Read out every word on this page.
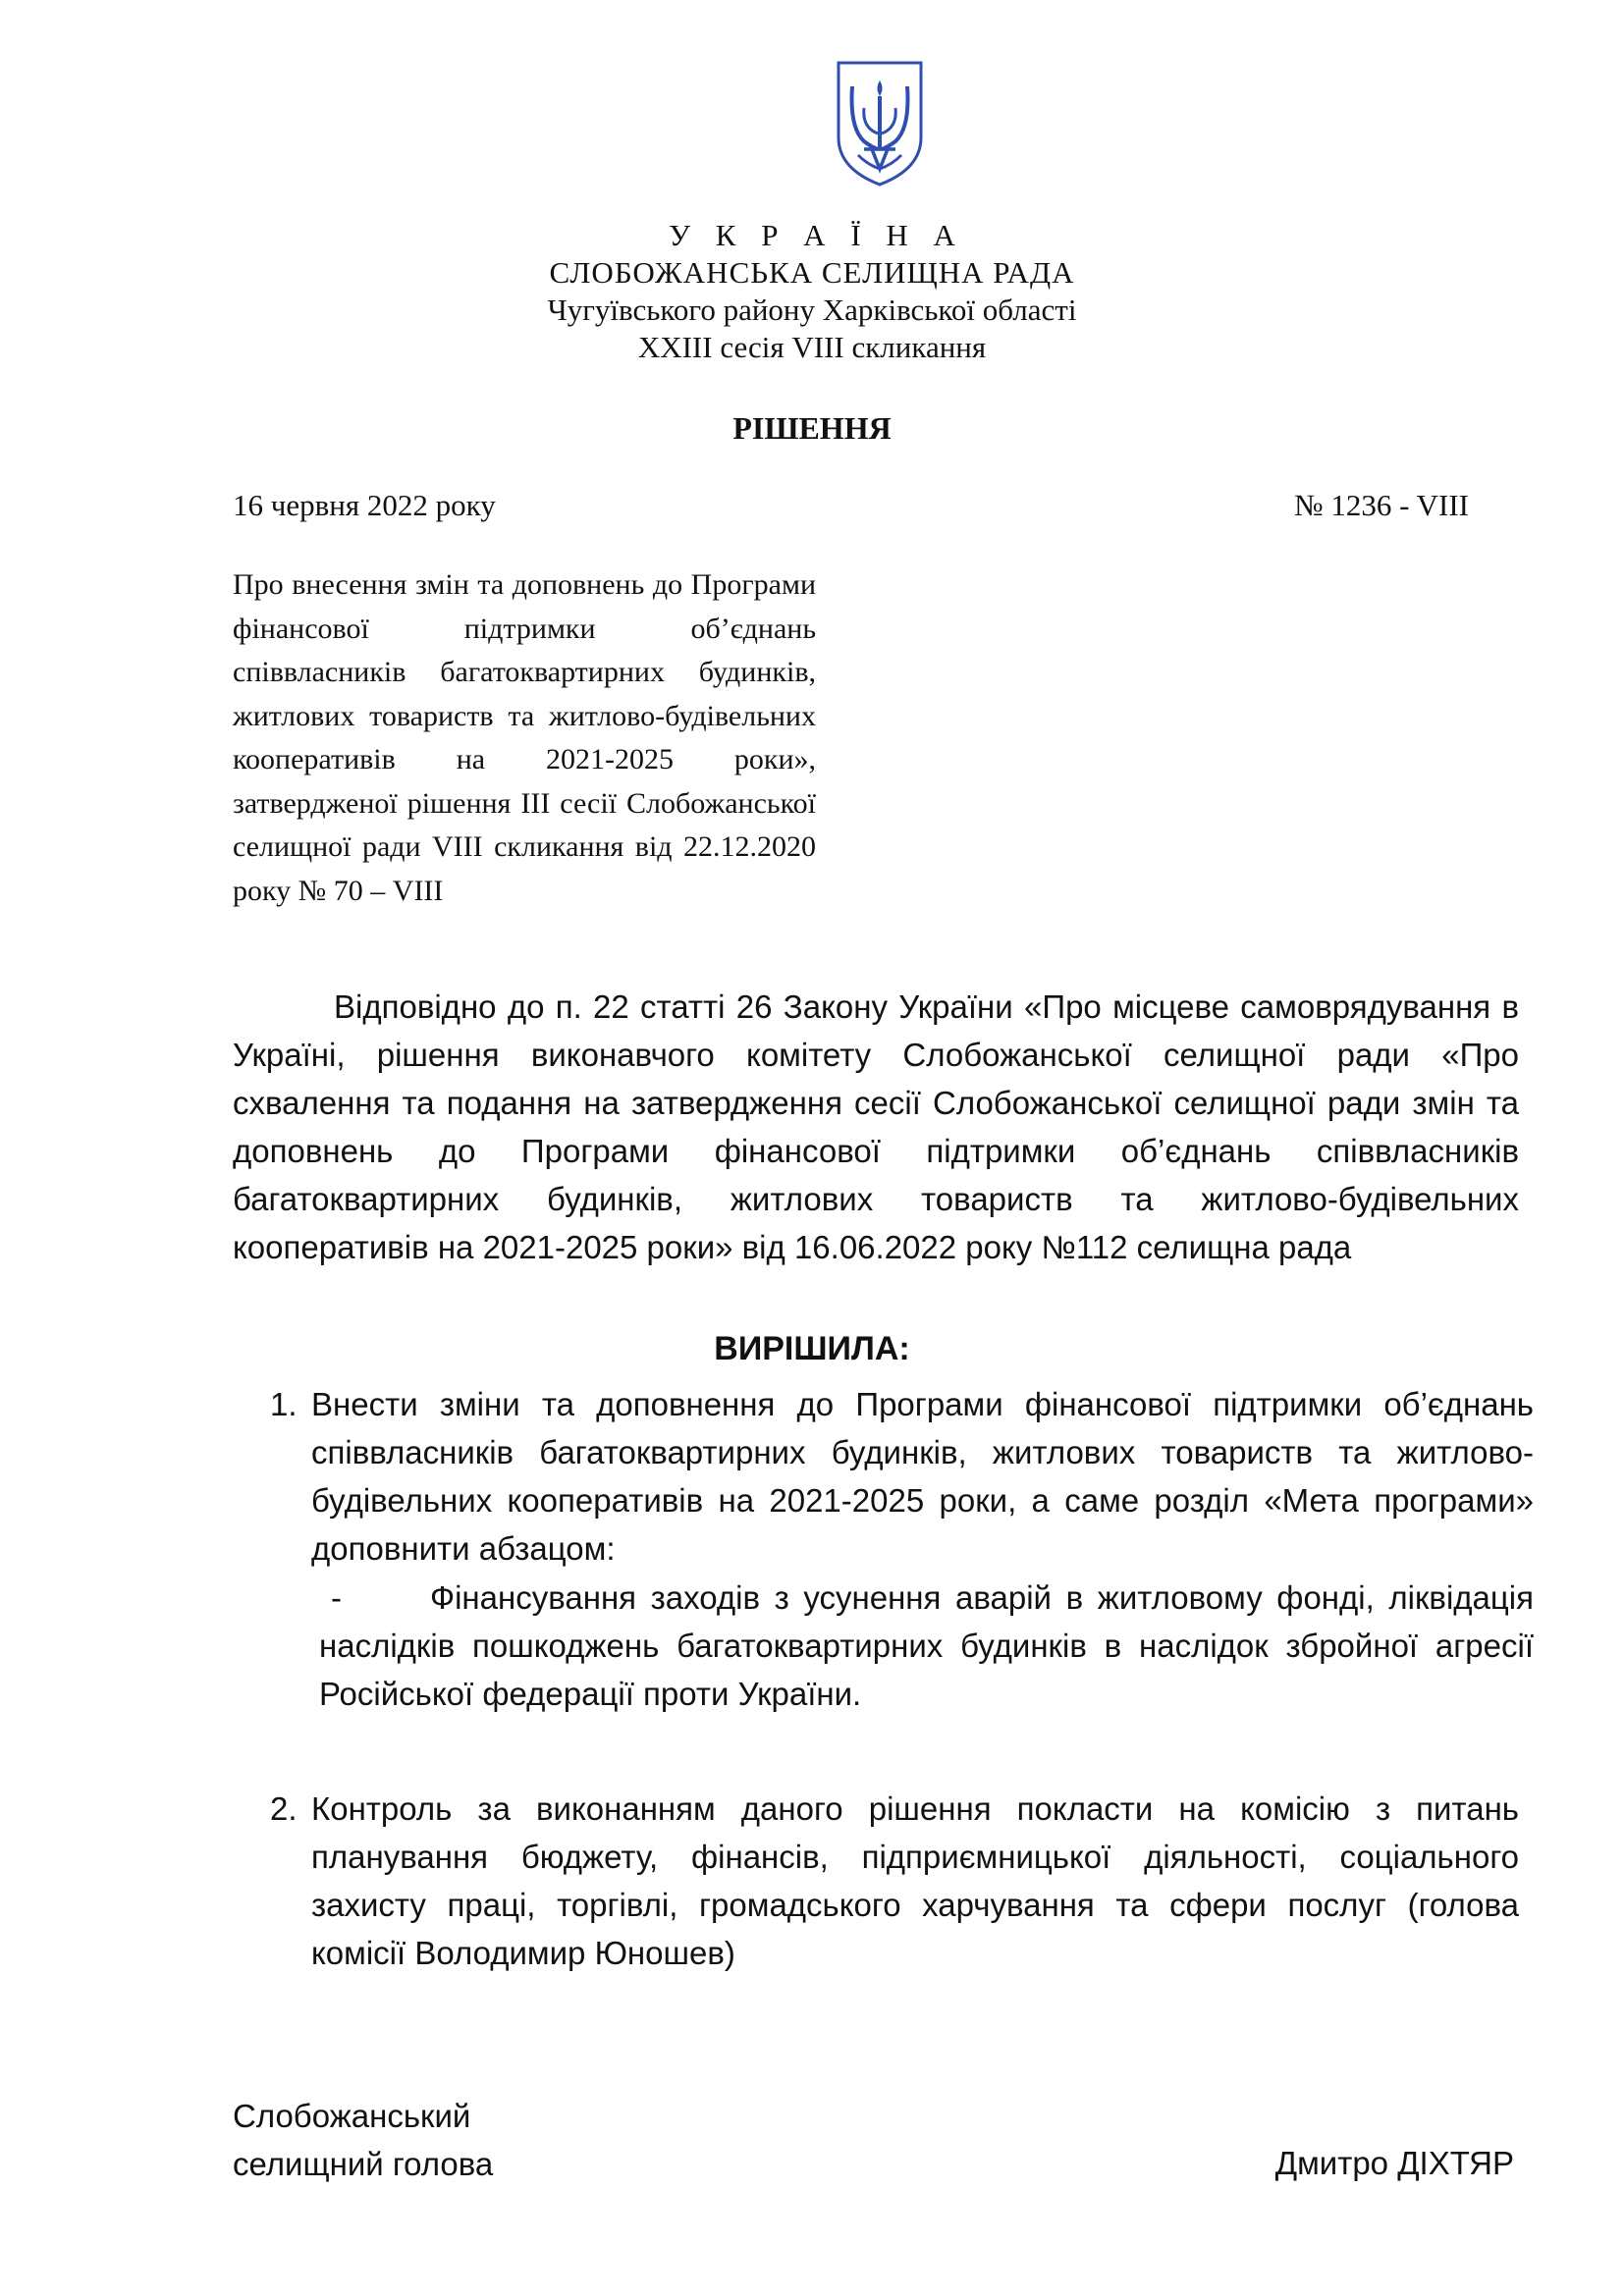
У К Р А Ї Н А
СЛОБОЖАНСЬКА СЕЛИЩНА РАДА
Чугуївського району Харківської області
XXIII сесія VIII скликання
РІШЕННЯ
16 червня 2022 року	№ 1236 - VIII
Про внесення змін та доповнень до Програми фінансової підтримки об’єднань співвласників багатоквартирних будинків, житлових товариств та житлово-будівельних кооперативів на 2021-2025 роки», затвердженої рішення III сесії Слобожанської селищної ради VIII скликання від 22.12.2020 року № 70 – VIII
Відповідно до п. 22 статті 26 Закону України «Про місцеве самоврядування в Україні, рішення виконавчого комітету Слобожанської селищної ради «Про схвалення та подання на затвердження сесії Слобожанської селищної ради змін та доповнень до Програми фінансової підтримки об’єднань співвласників багатоквартирних будинків, житлових товариств та житлово-будівельних кооперативів на 2021-2025 роки» від 16.06.2022 року №112 селищна рада
ВИРІШИЛА:
1. Внести зміни та доповнення до Програми фінансової підтримки об’єднань співвласників багатоквартирних будинків, житлових товариств та житлово-будівельних кооперативів на 2021-2025 роки, а саме розділ «Мета програми» доповнити абзацом:
-	Фінансування заходів з усунення аварій в житловому фонді, ліквідація наслідків пошкоджень багатоквартирних будинків в наслідок збройної агресії Російської федерації проти України.
2. Контроль за виконанням даного рішення покласти на комісію з питань планування бюджету, фінансів, підприємницької діяльності, соціального захисту праці, торгівлі, громадського харчування та сфери послуг (голова комісії Володимир Юношев)
Слобожанський
селищний голова	Дмитро ДІХТЯР
